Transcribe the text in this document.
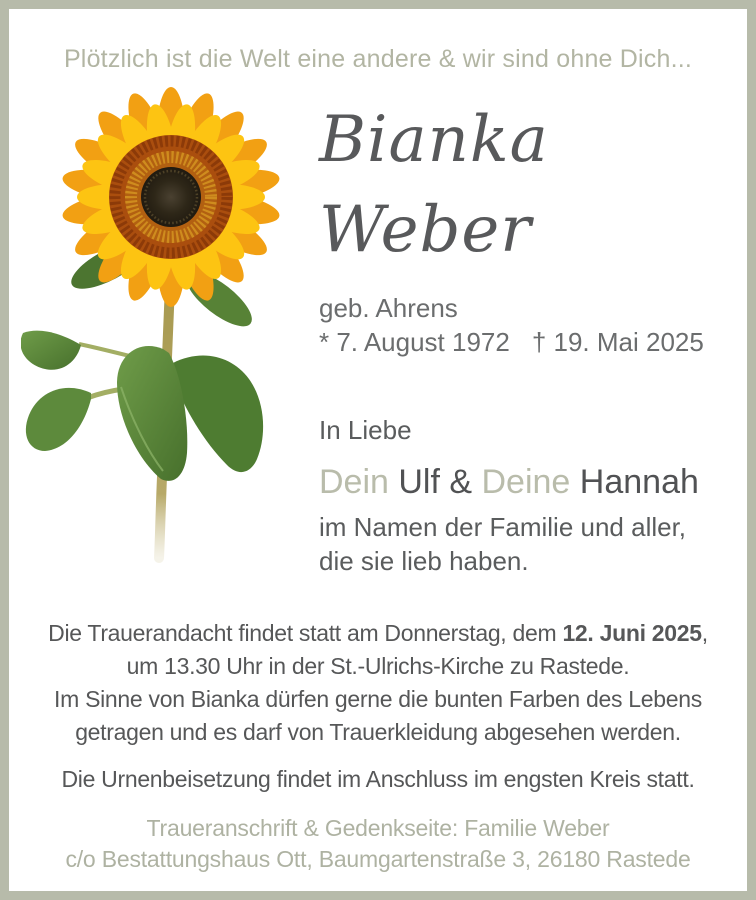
Plötzlich ist die Welt eine andere & wir sind ohne Dich...
Bianka
Weber
geb. Ahrens
* 7. August 1972 † 19. Mai 2025
In Liebe
Dein Ulf & Deine Hannah
im Namen der Familie und aller,
die sie lieb haben.
Die Trauerandacht findet statt am Donnerstag, dem 12. Juni 2025,
um 13.30 Uhr in der St.-Ulrichs-Kirche zu Rastede.
Im Sinne von Bianka dürfen gerne die bunten Farben des Lebens
getragen und es darf von Trauerkleidung abgesehen werden.
Die Urnenbeisetzung findet im Anschluss im engsten Kreis statt.
Traueranschrift & Gedenkseite: Familie Weber
c/o Bestattungshaus Ott, Baumgartenstraße 3, 26180 Rastede
